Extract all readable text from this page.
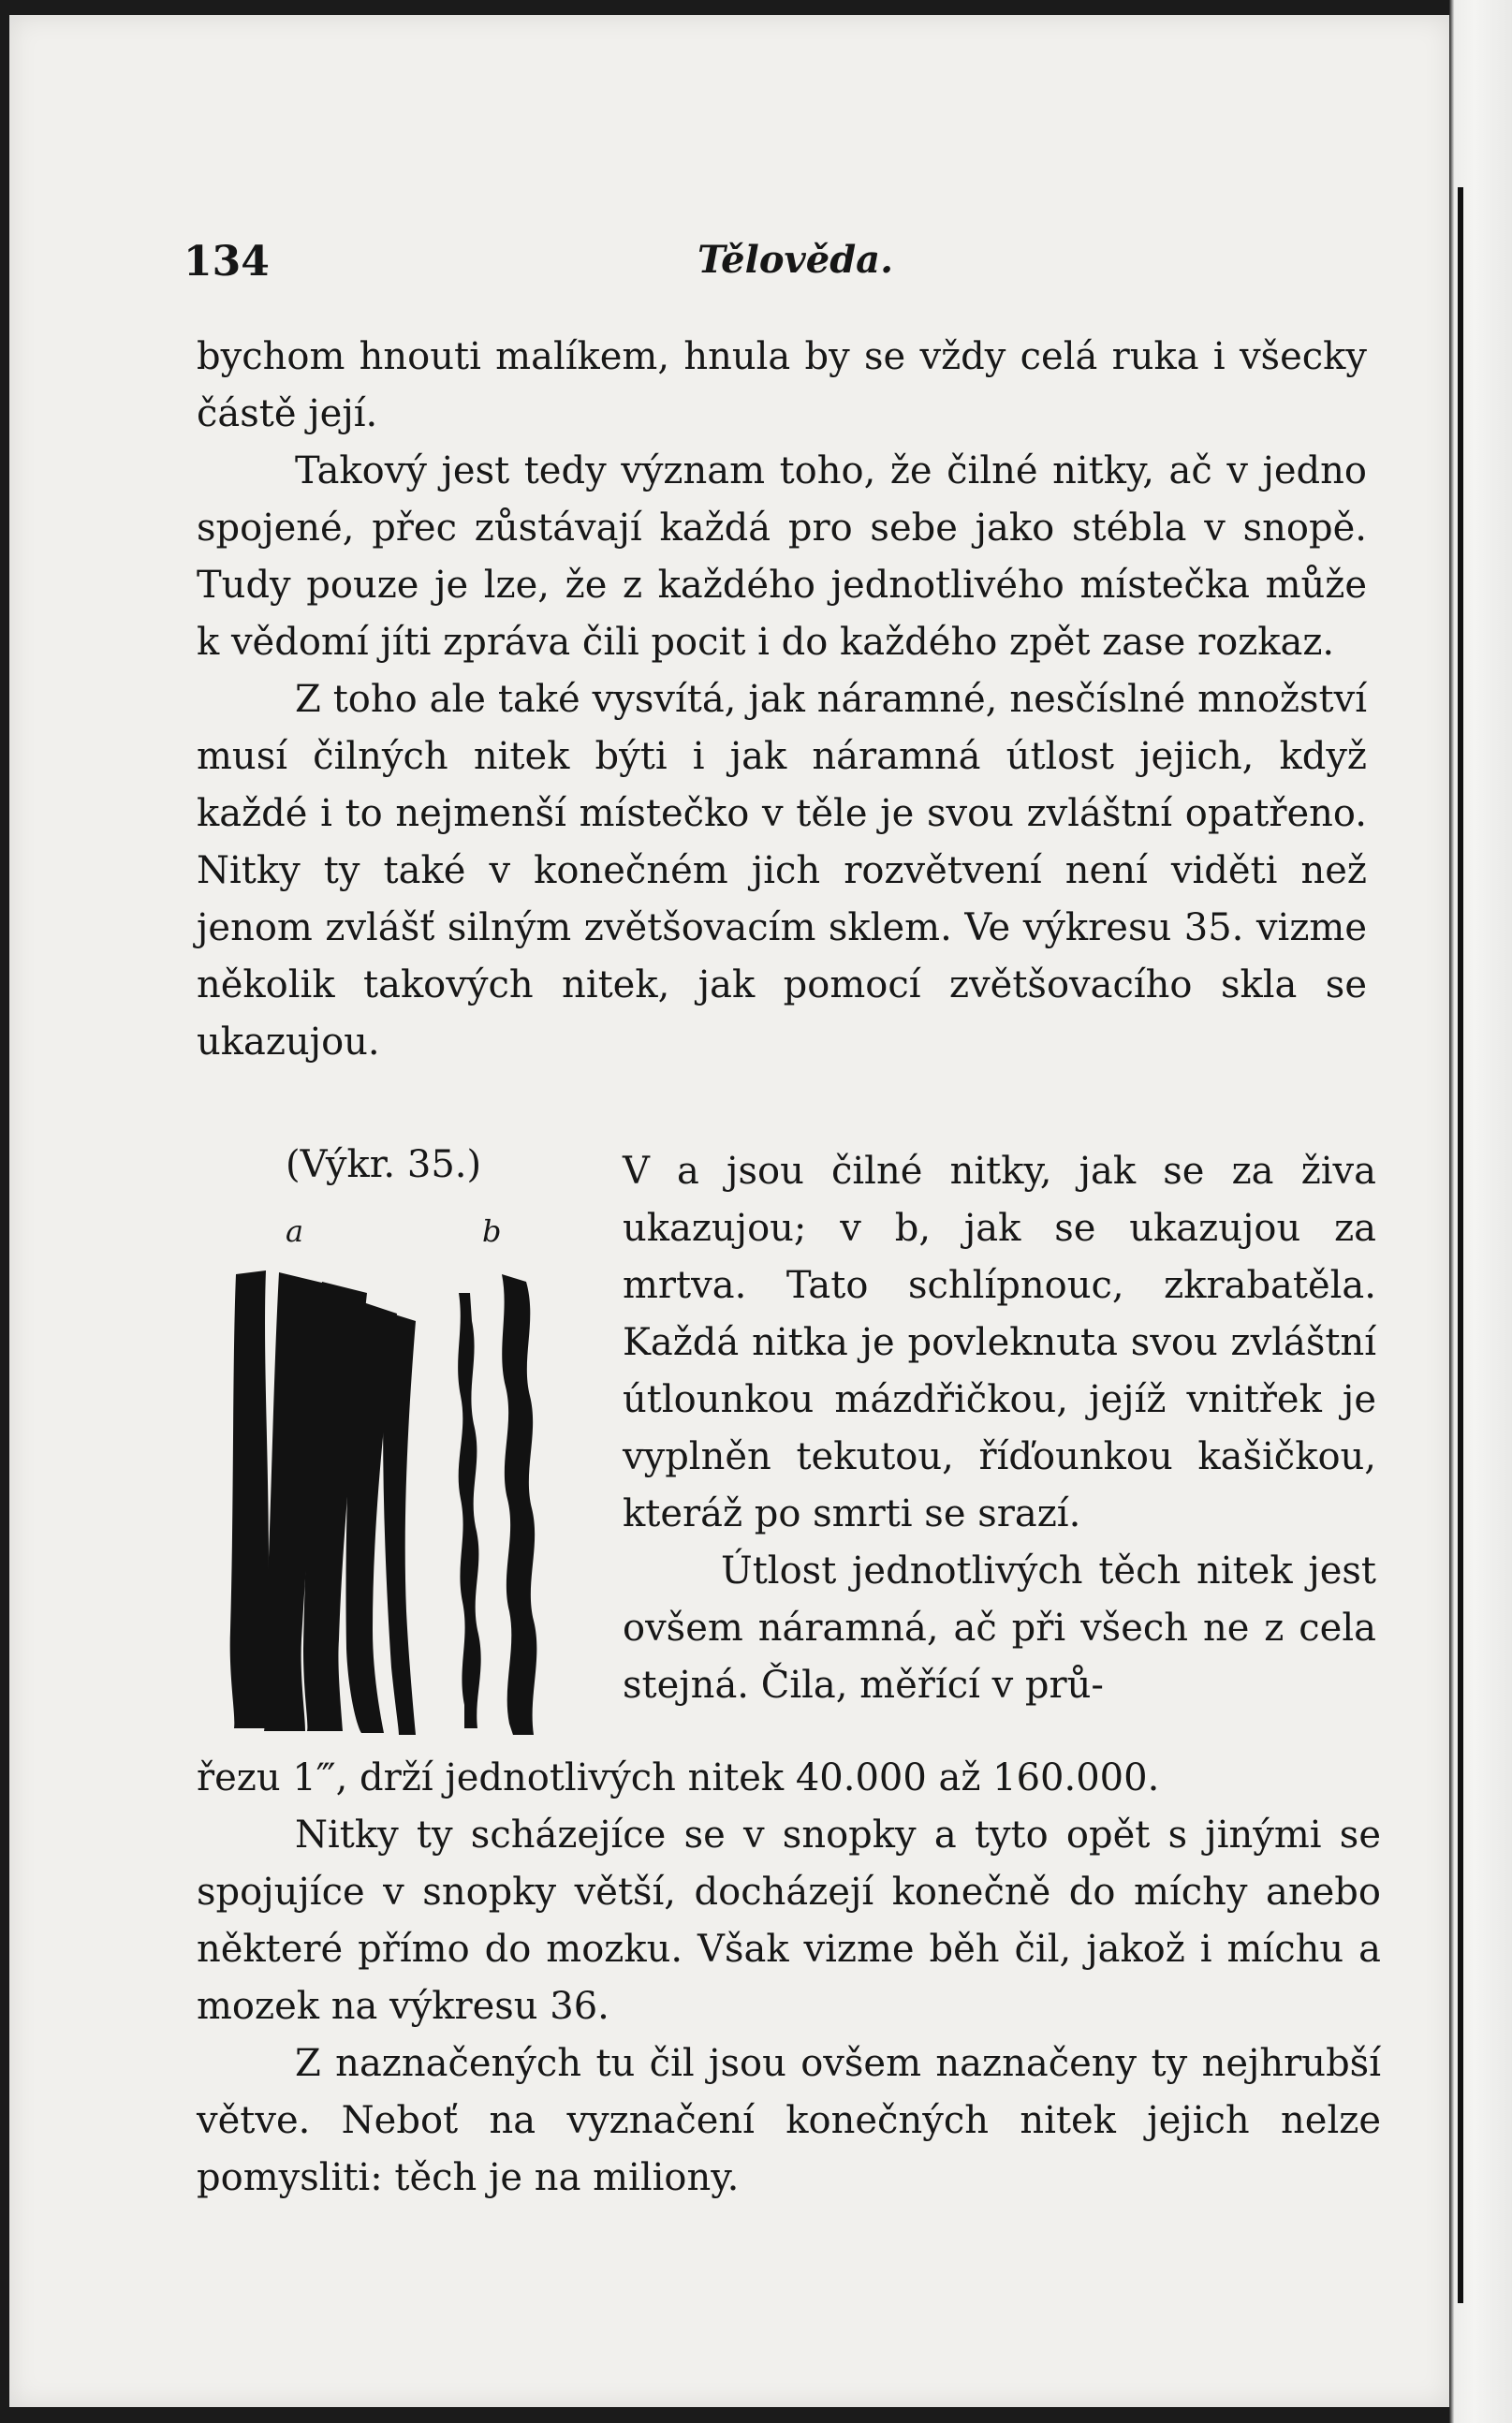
134	Tělověda.

bychom hnouti malíkem, hnula by se vždy celá ruka i všecky částě její.

Takový jest tedy význam toho, že čilné nitky, ač v jedno spojené, přec zůstávají každá pro sebe jako stébla v snopě. Tudy pouze je lze, že z každého jednotlivého místečka může k vědomí jíti zpráva čili pocit i do každého zpět zase rozkaz.

Z toho ale také vysvítá, jak náramné, nesčíslné množství musí čilných nitek býti i jak náramná útlost jejich, když každé i to nejmenší místečko v těle je svou zvláštní opatřeno. Nitky ty také v konečném jich rozvětvení není viděti než jenom zvlášť silným zvětšovacím sklem. Ve výkresu 35. vizme několik takových nitek, jak pomocí zvětšovacího skla se ukazujou.

(Výkr. 35.)
a	b

V a jsou čilné nitky, jak se za živa ukazujou; v b, jak se ukazujou za mrtva. Tato schlípnouc, zkrabatěla. Každá nitka je povleknuta svou zvláštní útlounkou mázdřičkou, jejíž vnitřek je vyplněn tekutou, říďounkou kašičkou, kteráž po smrti se srazí.

Útlost jednotlivých těch nitek jest ovšem náramná, ač při všech ne z cela stejná. Čila, měřící v prů-

řezu 1‴, drží jednotlivých nitek 40.000 až 160.000.

Nitky ty scházejíce se v snopky a tyto opět s jinými se spojujíce v snopky větší, docházejí konečně do míchy anebo některé přímo do mozku. Však vizme běh čil, jakož i míchu a mozek na výkresu 36.

Z naznačených tu čil jsou ovšem naznačeny ty nejhrubší větve. Neboť na vyznačení konečných nitek jejich nelze pomysliti: těch je na miliony.
